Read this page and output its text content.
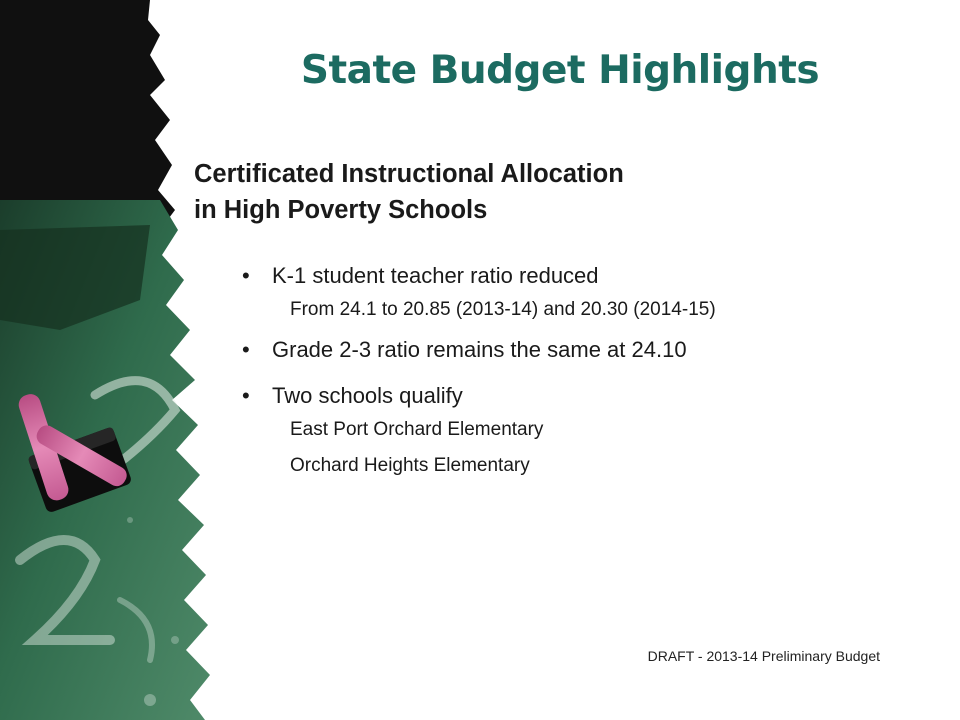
State Budget Highlights
Certificated Instructional Allocation
in High Poverty Schools
• K-1 student teacher ratio reduced
From 24.1 to 20.85 (2013-14) and 20.30 (2014-15)
• Grade 2-3 ratio remains the same at 24.10
• Two schools qualify
East Port Orchard Elementary
Orchard Heights Elementary
DRAFT - 2013-14 Preliminary Budget
